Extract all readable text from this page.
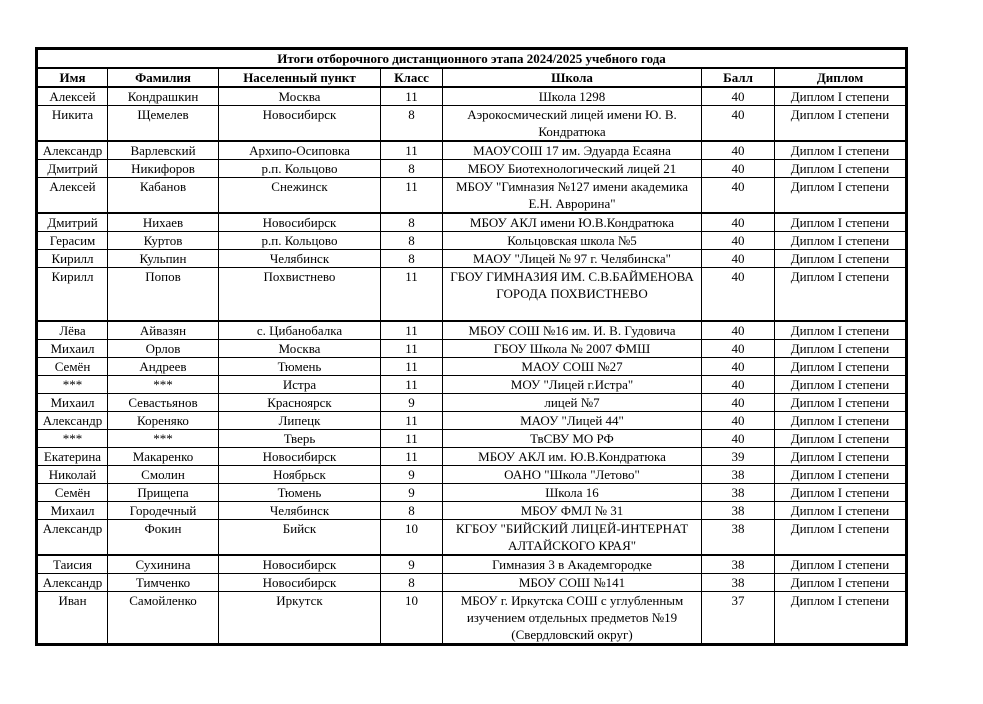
Итоги отборочного дистанционного этапа 2024/2025 учебного года						
Имя	Фамилия	Населенный пункт	Класс	Школа	Балл	Диплом
Алексей	Кондрашкин	Москва	11	Школа 1298	40	Диплом I степени
Никита	Щемелев	Новосибирск	8	Аэрокосмический лицей имени Ю. В. Кондратюка	40	Диплом I степени
Александр	Варлевский	Архипо-Осиповка	11	МАОУСОШ 17 им. Эдуарда Есаяна	40	Диплом I степени
Дмитрий	Никифоров	р.п. Кольцово	8	МБОУ Биотехнологический лицей 21	40	Диплом I степени
Алексей	Кабанов	Снежинск	11	МБОУ "Гимназия №127 имени академика Е.Н. Аврорина"	40	Диплом I степени
Дмитрий	Нихаев	Новосибирск	8	МБОУ АКЛ имени Ю.В.Кондратюка	40	Диплом I степени
Герасим	Куртов	р.п. Кольцово	8	Кольцовская школа №5	40	Диплом I степени
Кирилл	Кульпин	Челябинск	8	МАОУ "Лицей № 97 г. Челябинска"	40	Диплом I степени
Кирилл	Попов	Похвистнево	11	ГБОУ ГИМНАЗИЯ ИМ. С.В.БАЙМЕНОВА ГОРОДА ПОХВИСТНЕВО	40	Диплом I степени
Лёва	Айвазян	с. Цибанобалка	11	МБОУ СОШ №16 им. И. В. Гудовича	40	Диплом I степени
Михаил	Орлов	Москва	11	ГБОУ Школа № 2007 ФМШ	40	Диплом I степени
Семён	Андреев	Тюмень	11	МАОУ СОШ №27	40	Диплом I степени
***	***	Истра	11	МОУ "Лицей г.Истра"	40	Диплом I степени
Михаил	Севастьянов	Красноярск	9	лицей №7	40	Диплом I степени
Александр	Кореняко	Липецк	11	МАОУ "Лицей 44"	40	Диплом I степени
***	***	Тверь	11	ТвСВУ МО РФ	40	Диплом I степени
Екатерина	Макаренко	Новосибирск	11	МБОУ АКЛ им. Ю.В.Кондратюка	39	Диплом I степени
Николай	Смолин	Ноябрьск	9	ОАНО "Школа "Летово"	38	Диплом I степени
Семён	Прищепа	Тюмень	9	Школа 16	38	Диплом I степени
Михаил	Городечный	Челябинск	8	МБОУ ФМЛ № 31	38	Диплом I степени
Александр	Фокин	Бийск	10	КГБОУ "БИЙСКИЙ ЛИЦЕЙ-ИНТЕРНАТ АЛТАЙСКОГО КРАЯ"	38	Диплом I степени
Таисия	Сухинина	Новосибирск	9	Гимназия 3 в Академгородке	38	Диплом I степени
Александр	Тимченко	Новосибирск	8	МБОУ СОШ №141	38	Диплом I степени
Иван	Самойленко	Иркутск	10	МБОУ г. Иркутска СОШ с углубленным изучением отдельных предметов №19 (Свердловский округ)	37	Диплом I степени
